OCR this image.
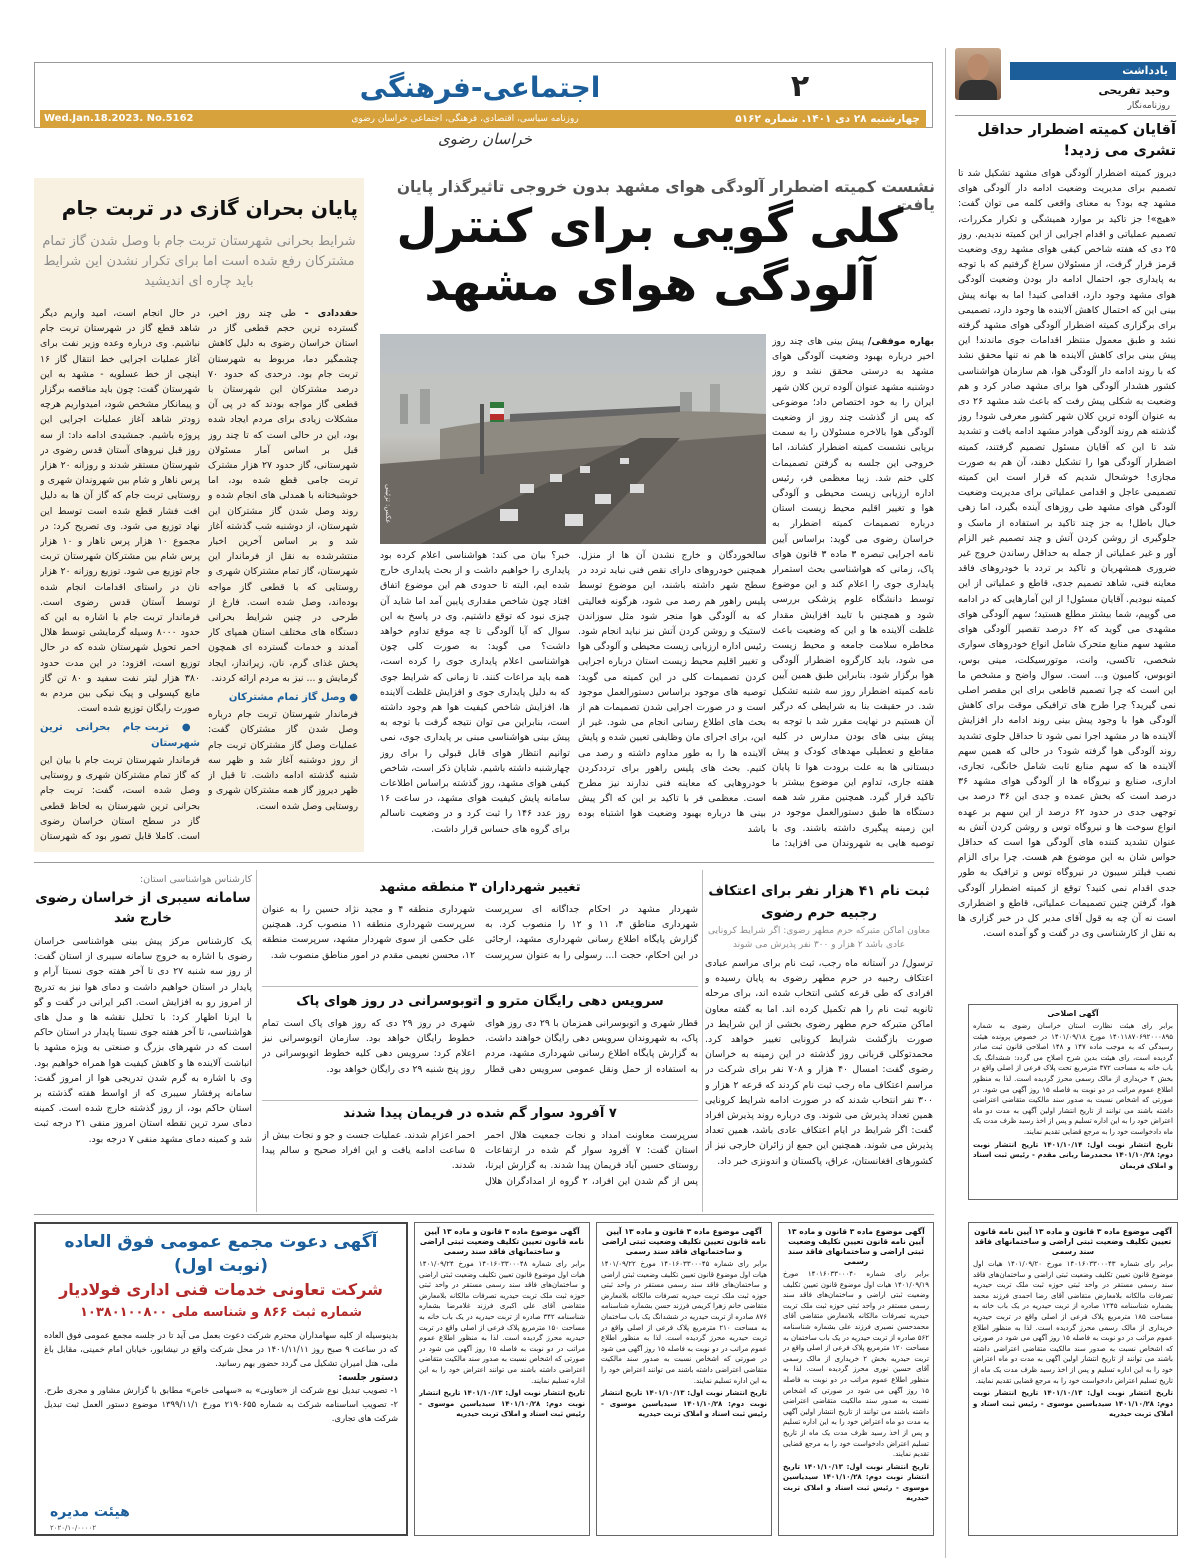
۲
اجتماعی-فرهنگی
چهارشنبه ۲۸ دی ۱۴۰۱. شماره ۵۱۶۲
روزنامه سیاسی، اقتصادی، فرهنگی، اجتماعی خراسان رضوی
Wed.Jan.18.2023. No.5162
خراسان رضوی
یادداشت
وحید تفریحی
روزنامه‌نگار
آقایان کمیته اضطرار حداقل تشری می زدید!
دیروز کمیته اضطرار آلودگی هوای مشهد تشکیل شد تا تصمیم برای مدیریت وضعیت ادامه دار آلودگی هوای مشهد چه بود؟ به معنای واقعی کلمه می توان گفت: «هیچ»! جز تاکید بر موارد همیشگی و تکرار مکررات، تصمیم عملیاتی و اقدام اجرایی از این کمیته ندیدیم. روز ۲۵ دی که هفته شاخص کیفی هوای مشهد روی وضعیت قرمز قرار گرفت، از مسئولان سراغ گرفتیم که با توجه به پایداری جو، احتمال ادامه دار بودن وضعیت آلودگی هوای مشهد وجود دارد، اقدامی کنید! اما به بهانه پیش بینی این که احتمال کاهش آلاینده ها وجود دارد، تصمیمی برای برگزاری کمیته اضطرار آلودگی هوای مشهد گرفته نشد و طبق معمول منتظر اقدامات جوی ماندند! این پیش بینی برای کاهش آلاینده ها هم نه تنها محقق نشد که با روند ادامه دار آلودگی هوا، هم سازمان هواشناسی کشور هشدار آلودگی هوا برای مشهد صادر کرد و هم وضعیت به شکلی پیش رفت که باعث شد مشهد ۲۶ دی به عنوان آلوده ترین کلان شهر کشور معرفی شود! روز گذشته هم روند آلودگی هوادر مشهد ادامه یافت و تشدید شد تا این که آقایان مسئول تصمیم گرفتند، کمیته اضطرار آلودگی هوا را تشکیل دهند، آن هم به صورت مجازی! خوشحال شدیم که قرار است این کمیته تصمیمی عاجل و اقدامی عملیاتی برای مدیریت وضعیت آلودگی هوای مشهد طی روزهای آینده بگیرد، اما زهی خیال باطل! به جز چند تاکید بر استفاده از ماسک و جلوگیری از روشن کردن آتش و چند تصمیم غیر الزام آور و غیر عملیاتی از جمله به حداقل رساندن خروج غیر ضروری همشهریان و تاکید بر تردد با خودروهای فاقد معاینه فنی، شاهد تصمیم جدی، قاطع و عملیاتی از این کمیته نبودیم. آقایان مسئول! از این آمارهایی که در ادامه می گوییم، شما بیشتر مطلع هستید؛ سهم آلودگی هوای مشهدی می گوید که ۶۲ درصد تقصیر آلودگی هوای مشهد سهم منابع متحرک شامل انواع خودروهای سواری شخصی، تاکسی، وانت، موتورسیکلت، مینی بوس، اتوبوس، کامیون و... است. سوال واضح و مشخص ما این است که چرا تصمیم قاطعی برای این مقصر اصلی نمی گیرید؟ چرا طرح های ترافیکی موقت برای کاهش آلودگی هوا با وجود پیش بینی روند ادامه دار افزایش آلاینده ها در مشهد اجرا نمی شود تا حداقل جلوی تشدید روند آلودگی هوا گرفته شود؟ در حالی که همین سهم آلاینده ها که سهم منابع ثابت شامل خانگی، تجاری، اداری، صنایع و نیروگاه ها از آلودگی هوای مشهد ۳۶ درصد است که بخش عمده و جدی این ۳۶ درصد بی توجهی جدی در حدود ۶۲ درصد از این سهم بر عهده انواع سوخت ها و نیروگاه توس و روشن کردن آتش به عنوان تشدید کننده های آلودگی هوا است که حداقل حواس شان به این موضوع هم هست. چرا برای الزام نصب فیلتر سیبون در نیروگاه توس و ترافیک به طور جدی اقدام نمی کنید؟ توقع از کمیته اضطرار آلودگی هوا، گرفتن چنین تصمیمات عملیاتی، قاطع و اضطراری است نه آن چه به قول آقای مدیر کل در خبر گزاری ها به نقل از کارشناسی وی در گفت و گو آمده است.
آگهی اصلاحی
برابر رای هیئت نظارت استان خراسان رضوی به شماره ۱۴۰۱۱۸۷۰۶۹۲۰۰۰۸۹۵ مورخ ۱۴۰۱/۰۹/۱۸ در خصوص پرونده هیئت رسیدگی که به موجب ماده ۱۴۷ و ۱۴۸ اصلاحی قانون ثبت صادر گردیده است، رای هیئت بدین شرح اصلاح می گردد: ششدانگ یک باب خانه به مساحت ۳۷۲ مترمربع تحت پلاک فرعی از اصلی واقع در بخش ۴ خریداری از مالک رسمی محرز گردیده است. لذا به منظور اطلاع عموم مراتب در دو نوبت به فاصله ۱۵ روز آگهی می شود. در صورتی که اشخاص نسبت به صدور سند مالکیت متقاضی اعتراضی داشته باشند می توانند از تاریخ انتشار اولین آگهی به مدت دو ماه اعتراض خود را به این اداره تسلیم و پس از اخذ رسید ظرف مدت یک ماه دادخواست خود را به مرجع قضایی تقدیم نمایند.
تاریخ انتشار نوبت اول: ۱۴۰۱/۱۰/۱۴ تاریخ انتشار نوبت دوم: ۱۴۰۱/۱۰/۲۸ محمدرضا ربانی مقدم - رئیس ثبت اسناد و املاک فریمان
نشست کمیته اضطرار آلودگی هوای مشهد بدون خروجی تاثیرگذار پایان یافت
کلی گویی برای کنترل
آلودگی هوای مشهد
عکس: تزئینی
بهاره موفقی/ پیش بینی های چند روز اخیر درباره بهبود وضعیت آلودگی هوای مشهد به درستی محقق نشد و روز دوشنبه مشهد عنوان آلوده ترین کلان شهر ایران را به خود اختصاص داد؛ موضوعی که پس از گذشت چند روز از وضعیت آلودگی هوا بالاخره مسئولان را به سمت برپایی نشست کمیته اضطرار کشاند، اما خروجی این جلسه به گرفتن تصمیمات کلی ختم شد. زیبا معظمی فر، رئیس اداره ارزیابی زیست محیطی و آلودگی هوا و تغییر اقلیم محیط زیست استان درباره تصمیمات کمیته اضطرار به خراسان رضوی می گوید: براساس آیین نامه اجرایی تبصره ۳ ماده ۳ قانون هوای پاک، زمانی که هواشناسی بحث استمرار پایداری جوی را اعلام کند و این موضوع توسط دانشگاه علوم پزشکی بررسی شود و همچنین با تایید افزایش مقدار غلظت آلاینده ها و این که وضعیت باعث مخاطره سلامت جامعه و محیط زیست می شود، باید کارگروه اضطرار آلودگی هوا برگزار شود. بنابراین طبق همین آیین نامه کمیته اضطرار روز سه شنبه تشکیل شد. در حقیقت بنا به شرایطی که درگیر آن هستیم در نهایت مقرر شد با توجه به پیش بینی های بودن مدارس در کلیه مقاطع و تعطیلی مهدهای کودک و پیش دبستانی ها به علت برودت هوا تا پایان هفته جاری، تداوم این موضوع بیشتر با تاکید قرار گیرد. همچنین مقرر شد همه دستگاه ها طبق دستورالعمل موجود در این زمینه پیگیری داشته باشند. وی با توصیه هایی به شهروندان می افزاید: ما
سالخوردگان و خارج نشدن آن ها از منزل. همچنین خودروهای دارای نقص فنی نباید تردد در سطح شهر داشته باشند، این موضوع توسط پلیس راهور هم رصد می شود، هرگونه فعالیتی که به آلودگی هوا منجر شود مثل سوزاندن لاستیک و روشن کردن آتش نیز نباید انجام شود. رئیس اداره ارزیابی زیست محیطی و آلودگی هوا و تغییر اقلیم محیط زیست استان درباره اجرایی کردن تصمیمات کلی در این کمیته می گوید: توصیه های موجود براساس دستورالعمل موجود است و در صورت اجرایی شدن تصمیمات هم از بحث های اطلاع رسانی انجام می شود. غیر از این، برای اجرای مان وظایفی تعیین شده و پایش آلاینده ها را به طور مداوم داشته و رصد می کنیم. بحث های پلیس راهور برای ترددکردن خودروهایی که معاینه فنی ندارند نیز مطرح است. معظمی فر با تاکید بر این که اگر پیش بینی ها درباره بهبود وضعیت هوا اشتباه بوده باشد
خبر؟ بیان می کند: هواشناسی اعلام کرده بود پایداری را خواهیم داشت و از بحث پایداری خارج شده ایم، البته تا حدودی هم این موضوع اتفاق افتاد چون شاخص مقداری پایین آمد اما شاید آن چیزی نبود که توقع داشتیم. وی در پاسخ به این سوال که آیا آلودگی تا چه موقع تداوم خواهد داشت؟ می گوید: به صورت کلی چون هواشناسی اعلام پایداری جوی را کرده است، همه باید مراعات کنند. تا زمانی که شرایط جوی که به دلیل پایداری جوی و افزایش غلظت آلاینده ها، افزایش شاخص کیفیت هوا هم وجود داشته است، بنابراین می توان نتیجه گرفت با توجه به پیش بینی هواشناسی مبنی بر پایداری جوی، نمی توانیم انتظار هوای قابل قبولی را برای روز چهارشنبه داشته باشیم. شایان ذکر است، شاخص کیفی هوای مشهد، روز گذشته براساس اطلاعات سامانه پایش کیفیت هوای مشهد، در ساعت ۱۶ روز عدد ۱۴۶ را ثبت کرد و در وضعیت ناسالم برای گروه های حساس قرار داشت.
پایان بحران گازی در تربت جام
شرایط بحرانی شهرستان تربت جام با وصل شدن گاز تمام مشترکان رفع شده است اما برای تکرار نشدن این شرایط باید چاره ای اندیشید
حقددادی - طی چند روز اخیر، گسترده ترین حجم قطعی گاز در استان خراسان رضوی به دلیل کاهش چشمگیر دما، مربوط به شهرستان تربت جام بود. درحدی که حدود ۷۰ درصد مشترکان این شهرستان با قطعی گاز مواجه بودند که در پی آن مشکلات زیادی برای مردم ایجاد شده بود، این در حالی است که تا چند روز قبل بر اساس آمار مسئولان شهرستانی، گاز حدود ۲۷ هزار مشترک تربت جامی قطع شده بود، اما خوشبختانه با همدلی های انجام شده و روند وصل شدن گاز مشترکان این شهرستان، از دوشنبه شب گذشته آغاز شد و بر اساس آخرین اخبار منتشرشده به نقل از فرماندار این شهرستان، گاز تمام مشترکان شهری و روستایی که با قطعی گاز مواجه بوده‌اند، وصل شده است. فارغ از طرحی در چنین شرایط بحرانی دستگاه های مختلف استان همپای کار آمدند و خدمات گسترده ای همچون پخش غذای گرم، نان، زیرانداز، ایجاد گرمایش و ... نیز به مردم ارائه کردند.
● وصل گاز تمام مشترکان
فرماندار شهرستان تربت جام درباره وصل شدن گاز مشترکان گفت: عملیات وصل گاز مشترکان تربت جام از روز دوشنبه آغاز شد و ظهر سه شنبه گذشته ادامه داشت. تا قبل از ظهر دیروز گاز همه مشترکان شهری و روستایی وصل شده است.
در حال انجام است، امید واریم دیگر شاهد قطع گاز در شهرستان تربت جام نباشیم. وی درباره وعده وزیر نفت برای آغاز عملیات اجرایی خط انتقال گاز ۱۶ اینچی از خط عسلویه - مشهد به این شهرستان گفت: چون باید مناقصه برگزار و پیمانکار مشخص شود، امیدواریم هرچه زودتر شاهد آغاز عملیات اجرایی این پروژه باشیم. جمشیدی ادامه داد: از سه روز قبل نیروهای آستان قدس رضوی در شهرستان مستقر شدند و روزانه ۲۰ هزار پرس ناهار و شام بین شهروندان شهری و روستایی تربت جام که گاز آن ها به دلیل افت فشار قطع شده است توسط این نهاد توزیع می شود. وی تصریح کرد: در مجموع ۱۰ هزار پرس ناهار و ۱۰ هزار پرس شام بین مشترکان شهرستان تربت جام توزیع می شود. توزیع روزانه ۲۰ هزار نان در راستای اقدامات انجام شده توسط آستان قدس رضوی است. فرماندار تربت جام با اشاره به این که حدود ۸۰۰۰ وسیله گرمایشی توسط هلال احمر تحویل شهرستان شده که در حال توزیع است، افزود: در این مدت حدود ۳۸۰ هزار لیتر نفت سفید و ۸۰ تن گاز مایع کپسولی و پیک نیکی بین مردم به صورت رایگان توزیع شده است.
● تربت جام بحرانی ترین شهرستان
فرماندار شهرستان تربت جام با بیان این که گاز تمام مشترکان شهری و روستایی وصل شده است، گفت: تربت جام بحرانی ترین شهرستان به لحاظ قطعی گاز در سطح استان خراسان رضوی است. کاملا قابل تصور بود که شهرستان
ثبت نام ۴۱ هزار نفر برای اعتکاف رجبیه حرم رضوی
معاون اماکن متبرکه حرم مطهر رضوی: اگر شرایط کرونایی عادی باشد ۲ هزار و ۳۰۰ نفر پذیرش می شوند
ترسول/ در آستانه ماه رجب، ثبت نام برای مراسم عبادی اعتکاف رجبیه در حرم مطهر رضوی به پایان رسیده و افرادی که طی قرعه کشی انتخاب شده اند، برای مرحله ثانویه ثبت نام را هم تکمیل کرده اند. اما به گفته معاون اماکن متبرکه حرم مطهر رضوی بخشی از این شرایط در صورت بازگشت شرایط کرونایی تغییر خواهد کرد. محمدتوکلی قربانی روز گذشته در این زمینه به خراسان رضوی گفت: امسال ۴۰ هزار و ۷۰۸ نفر برای شرکت در مراسم اعتکاف ماه رجب ثبت نام کردند که قرعه ۲ هزار و ۳۰۰ نفر انتخاب شدند که در صورت ادامه شرایط کرونایی همین تعداد پذیرش می شوند. وی درباره روند پذیرش افراد گفت: اگر شرایط در ایام اعتکاف عادی باشد، همین تعداد پذیرش می شوند. همچنین این جمع از زائران خارجی نیز از کشورهای افغانستان، عراق، پاکستان و اندونزی خبر داد.
تغییر شهرداران ۳ منطقه مشهد
شهردار مشهد در احکام جداگانه ای سرپرست شهرداری مناطق ۴، ۱۱ و ۱۲ را منصوب کرد. به گزارش پایگاه اطلاع رسانی شهرداری مشهد، ارجائی در این احکام، حجت ا... رسولی را به عنوان سرپرست شهرداری منطقه ۴ و مجید نژاد حسین را به عنوان سرپرست شهرداری منطقه ۱۱ منصوب کرد. همچنین علی حکمی از سوی شهردار مشهد، سرپرست منطقه ۱۲، محسن نعیمی مقدم در امور مناطق منصوب شد.
سرویس دهی رایگان مترو و اتوبوسرانی در روز هوای پاک
قطار شهری و اتوبوسرانی همزمان با ۲۹ دی روز هوای پاک، به شهروندان سرویس دهی رایگان خواهند داشت. به گزارش پایگاه اطلاع رسانی شهرداری مشهد، مردم به استفاده از حمل ونقل عمومی سرویس دهی قطار شهری در روز ۲۹ دی که روز هوای پاک است تمام خطوط رایگان خواهد بود. سازمان اتوبوسرانی نیز اعلام کرد: سرویس دهی کلیه خطوط اتوبوسرانی در روز پنج شنبه ۲۹ دی رایگان خواهد بود.
۷ آفرود سوار گم شده در فریمان پیدا شدند
سرپرست معاونت امداد و نجات جمعیت هلال احمر استان گفت: ۷ آفرود سوار گم شده در ارتفاعات روستای حسین آباد فریمان پیدا شدند. به گزارش ایرنا، پس از گم شدن این افراد، ۲ گروه از امدادگران هلال احمر اعزام شدند. عملیات جست و جو و نجات بیش از ۵ ساعت ادامه یافت و این افراد صحیح و سالم پیدا شدند.
کارشناس هواشناسی استان:
سامانه سیبری از خراسان رضوی خارج شد
یک کارشناس مرکز پیش بینی هواشناسی خراسان رضوی با اشاره به خروج سامانه سیبری از استان گفت: از روز سه شنبه ۲۷ دی تا آخر هفته جوی نسبتا آرام و پایدار در استان خواهیم داشت و دمای هوا نیز به تدریج از امروز رو به افزایش است. اکبر ایرانی در گفت و گو با ایرنا اظهار کرد: با تحلیل نقشه ها و مدل های هواشناسی، تا آخر هفته جوی نسبتا پایدار در استان حاکم است که در شهرهای بزرگ و صنعتی به ویژه مشهد با انباشت آلاینده ها و کاهش کیفیت هوا همراه خواهیم بود. وی با اشاره به گرم شدن تدریجی هوا از امروز گفت: سامانه پرفشار سیبری که از اواسط هفته گذشته بر استان حاکم بود، از روز گذشته خارج شده است. کمینه دمای سرد ترین نقطه استان امروز منفی ۲۱ درجه ثبت شد و کمینه دمای مشهد منفی ۷ درجه بود.
آگهی موضوع ماده ۳ قانون و ماده ۱۳ آیین نامه قانون تعیین تکلیف وضعیت ثبتی اراضی و ساختمانهای فاقد سند رسمی
برابر رای شماره ۱۴۰۱۶۰۳۳۰۰۰۴۰ مورخ ۱۴۰۱/۰۹/۱۹ هیات اول موضوع قانون تعیین تکلیف وضعیت ثبتی اراضی و ساختمان‌های فاقد سند رسمی مستقر در واحد ثبتی حوزه ثبت ملک تربت حیدریه تصرفات مالکانه بلامعارض متقاضی آقای محمدحسن نصیری فرزند علی بشماره شناسنامه ۵۶۲ صادره از تربت حیدریه در یک باب ساختمان به مساحت ۱۲۰ مترمربع پلاک فرعی از اصلی واقع در تربت حیدریه بخش ۲ خریداری از مالک رسمی آقای حسین نوری محرز گردیده است. لذا به منظور اطلاع عموم مراتب در دو نوبت به فاصله ۱۵ روز آگهی می شود در صورتی که اشخاص نسبت به صدور سند مالکیت متقاضی اعتراضی داشته باشند می توانند از تاریخ انتشار اولین آگهی به مدت دو ماه اعتراض خود را به این اداره تسلیم و پس از اخذ رسید ظرف مدت یک ماه از تاریخ تسلیم اعتراض دادخواست خود را به مرجع قضایی تقدیم نمایند.
تاریخ انتشار نوبت اول: ۱۴۰۱/۱۰/۱۳ تاریخ انتشار نوبت دوم: ۱۴۰۱/۱۰/۲۸ سیدیاسین موسوی - رئیس ثبت اسناد و املاک تربت حیدریه
آگهی موضوع ماده ۳ قانون و ماده ۱۳ آیین نامه قانون تعیین تکلیف وضعیت ثبتی اراضی و ساختمانهای فاقد سند رسمی
برابر رای شماره ۱۴۰۱۶۰۳۳۰۰۰۴۳ مورخ ۱۴۰۱/۰۹/۲۰ هیات اول موضوع قانون تعیین تکلیف وضعیت ثبتی اراضی و ساختمان‌های فاقد سند رسمی مستقر در واحد ثبتی حوزه ثبت ملک تربت حیدریه تصرفات مالکانه بلامعارض متقاضی آقای رضا احمدی فرزند محمد بشماره شناسنامه ۱۲۴۵ صادره از تربت حیدریه در یک باب خانه به مساحت ۱۸۵ مترمربع پلاک فرعی از اصلی واقع در تربت حیدریه خریداری از مالک رسمی محرز گردیده است. لذا به منظور اطلاع عموم مراتب در دو نوبت به فاصله ۱۵ روز آگهی می شود در صورتی که اشخاص نسبت به صدور سند مالکیت متقاضی اعتراضی داشته باشند می توانند از تاریخ انتشار اولین آگهی به مدت دو ماه اعتراض خود را به این اداره تسلیم و پس از اخذ رسید ظرف مدت یک ماه از تاریخ تسلیم اعتراض دادخواست خود را به مرجع قضایی تقدیم نمایند.
تاریخ انتشار نوبت اول: ۱۴۰۱/۱۰/۱۳ تاریخ انتشار نوبت دوم: ۱۴۰۱/۱۰/۲۸ سیدیاسین موسوی - رئیس ثبت اسناد و املاک تربت حیدریه
آگهی موضوع ماده ۳ قانون و ماده ۱۳ آیین نامه قانون تعیین تکلیف وضعیت ثبتی اراضی و ساختمانهای فاقد سند رسمی
برابر رای شماره ۱۴۰۱۶۰۳۳۰۰۰۴۵ مورخ ۱۴۰۱/۰۹/۲۲ هیات اول موضوع قانون تعیین تکلیف وضعیت ثبتی اراضی و ساختمان‌های فاقد سند رسمی مستقر در واحد ثبتی حوزه ثبت ملک تربت حیدریه تصرفات مالکانه بلامعارض متقاضی خانم زهرا کریمی فرزند حسن بشماره شناسنامه ۸۷۶ صادره از تربت حیدریه در ششدانگ یک باب ساختمان به مساحت ۲۱۰ مترمربع پلاک فرعی از اصلی واقع در تربت حیدریه محرز گردیده است. لذا به منظور اطلاع عموم مراتب در دو نوبت به فاصله ۱۵ روز آگهی می شود در صورتی که اشخاص نسبت به صدور سند مالکیت متقاضی اعتراضی داشته باشند می توانند اعتراض خود را به این اداره تسلیم نمایند.
تاریخ انتشار نوبت اول: ۱۴۰۱/۱۰/۱۳ تاریخ انتشار نوبت دوم: ۱۴۰۱/۱۰/۲۸ سیدیاسین موسوی - رئیس ثبت اسناد و املاک تربت حیدریه
آگهی موضوع ماده ۳ قانون و ماده ۱۳ آیین نامه قانون تعیین تکلیف وضعیت ثبتی اراضی و ساختمانهای فاقد سند رسمی
برابر رای شماره ۱۴۰۱۶۰۳۳۰۰۰۴۸ مورخ ۱۴۰۱/۰۹/۲۴ هیات اول موضوع قانون تعیین تکلیف وضعیت ثبتی اراضی و ساختمان‌های فاقد سند رسمی مستقر در واحد ثبتی حوزه ثبت ملک تربت حیدریه تصرفات مالکانه بلامعارض متقاضی آقای علی اکبری فرزند غلامرضا بشماره شناسنامه ۳۴۲ صادره از تربت حیدریه در یک باب خانه به مساحت ۱۵۰ مترمربع پلاک فرعی از اصلی واقع در تربت حیدریه محرز گردیده است. لذا به منظور اطلاع عموم مراتب در دو نوبت به فاصله ۱۵ روز آگهی می شود در صورتی که اشخاص نسبت به صدور سند مالکیت متقاضی اعتراضی داشته باشند می توانند اعتراض خود را به این اداره تسلیم نمایند.
تاریخ انتشار نوبت اول: ۱۴۰۱/۱۰/۱۳ تاریخ انتشار نوبت دوم: ۱۴۰۱/۱۰/۲۸ سیدیاسین موسوی - رئیس ثبت اسناد و املاک تربت حیدریه
آگهی دعوت مجمع عمومی فوق العاده (نوبت اول)
شرکت تعاونی خدمات فنی اداری فولادیار
شماره ثبت ۸۶۶ و شناسه ملی ۱۰۳۸۰۱۰۰۸۰۰
بدینوسیله از کلیه سهامداران محترم شرکت دعوت بعمل می آید تا در جلسه مجمع عمومی فوق العاده که در ساعت ۹ صبح روز ۱۴۰۱/۱۱/۱۱ در محل شرکت واقع در نیشابور، خیابان امام خمینی، مقابل باغ ملی، هتل امیران تشکیل می گردد حضور بهم رسانید.
دستور جلسه:
۱- تصویب تبدیل نوع شرکت از «تعاونی» به «سهامی خاص» مطابق با گزارش مشاور و مجری طرح. ۲- تصویب اساسنامه شرکت به شماره ۲۱۹۰۶۵۵ مورخ ۱۳۹۹/۱۱/۱ موضوع دستور العمل ثبت تبدیل شرکت های تجاری.
هیئت مدیره
۲۰۲۰/۱۰/۰۰۰۰۲
